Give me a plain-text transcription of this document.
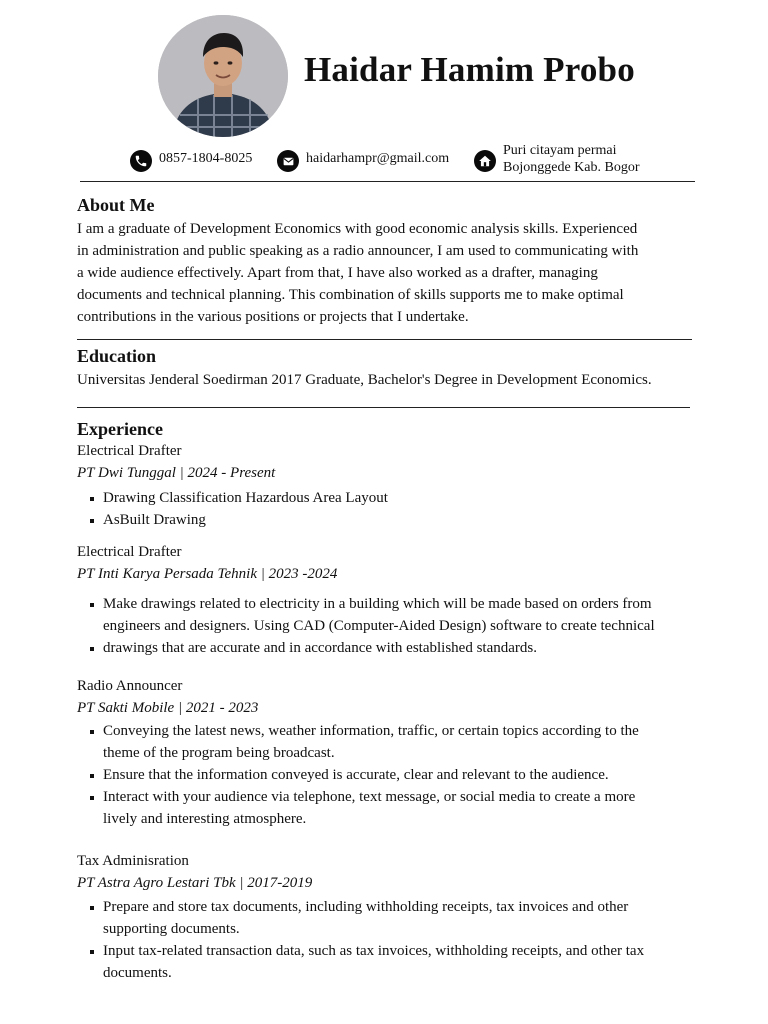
Haidar Hamim Probo
0857-1804-8025	haidarhampr@gmail.com
Puri citayam permai
Bojonggede Kab. Bogor
About Me
I am a graduate of Development Economics with good economic analysis skills. Experienced
in administration and public speaking as a radio announcer, I am used to communicating with
a wide audience effectively. Apart from that, I have also worked as a drafter, managing
documents and technical planning. This combination of skills supports me to make optimal
contributions in the various positions or projects that I undertake.
Education
Universitas Jenderal Soedirman 2017 Graduate, Bachelor's Degree in Development Economics.
Experience
Electrical Drafter
PT Dwi Tunggal | 2024 - Present
Drawing Classification Hazardous Area Layout
AsBuilt Drawing
Electrical Drafter
PT Inti Karya Persada Tehnik | 2023 -2024
Make drawings related to electricity in a building which will be made based on orders from
engineers and designers. Using CAD (Computer-Aided Design) software to create technical
drawings that are accurate and in accordance with established standards.
Radio Announcer
PT Sakti Mobile | 2021 - 2023
Conveying the latest news, weather information, traffic, or certain topics according to the
theme of the program being broadcast.
Ensure that the information conveyed is accurate, clear and relevant to the audience.
Interact with your audience via telephone, text message, or social media to create a more
lively and interesting atmosphere.
Tax Adminisration
PT Astra Agro Lestari Tbk | 2017-2019
Prepare and store tax documents, including withholding receipts, tax invoices and other
supporting documents.
Input tax-related transaction data, such as tax invoices, withholding receipts, and other tax
documents.
